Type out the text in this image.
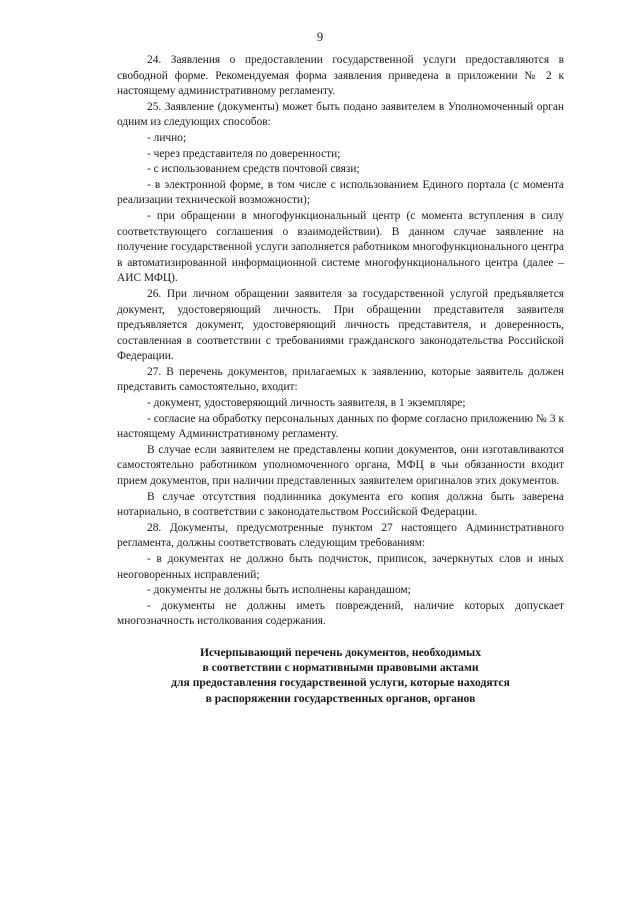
9

24. Заявления о предоставлении государственной услуги предоставляются в свободной форме. Рекомендуемая форма заявления приведена в приложении № 2 к настоящему административному регламенту.

25. Заявление (документы) может быть подано заявителем в Уполномоченный орган одним из следующих способов:

- лично;

- через представителя по доверенности;

- с использованием средств почтовой связи;

- в электронной форме, в том числе с использованием Единого портала (с момента реализации технической возможности);

- при обращении в многофункциональный центр (с момента вступления в силу соответствующего соглашения о взаимодействии). В данном случае заявление на получение государственной услуги заполняется работником многофункционального центра в автоматизированной информационной системе многофункционального центра (далее – АИС МФЦ).

26. При личном обращении заявителя за государственной услугой предъявляется документ, удостоверяющий личность. При обращении представителя заявителя предъявляется документ, удостоверяющий личность представителя, и доверенность, составленная в соответствии с требованиями гражданского законодательства Российской Федерации.

27. В перечень документов, прилагаемых к заявлению, которые заявитель должен представить самостоятельно, входит:

- документ, удостоверяющий личность заявителя, в 1 экземпляре;

- согласие на обработку персональных данных по форме согласно приложению № 3 к настоящему Административному регламенту.

В случае если заявителем не представлены копии документов, они изготавливаются самостоятельно работником уполномоченного органа, МФЦ в чьи обязанности входит прием документов, при наличии представленных заявителем оригиналов этих документов.

В случае отсутствия подлинника документа его копия должна быть заверена нотариально, в соответствии с законодательством Российской Федерации.

28. Документы, предусмотренные пунктом 27 настоящего Административного регламента, должны соответствовать следующим требованиям:

- в документах не должно быть подчисток, приписок, зачеркнутых слов и иных неоговоренных исправлений;

- документы не должны быть исполнены карандашом;

- документы не должны иметь повреждений, наличие которых допускает многозначность истолкования содержания.

Исчерпывающий перечень документов, необходимых
в соответствии с нормативными правовыми актами
для предоставления государственной услуги, которые находятся
в распоряжении государственных органов, органов
